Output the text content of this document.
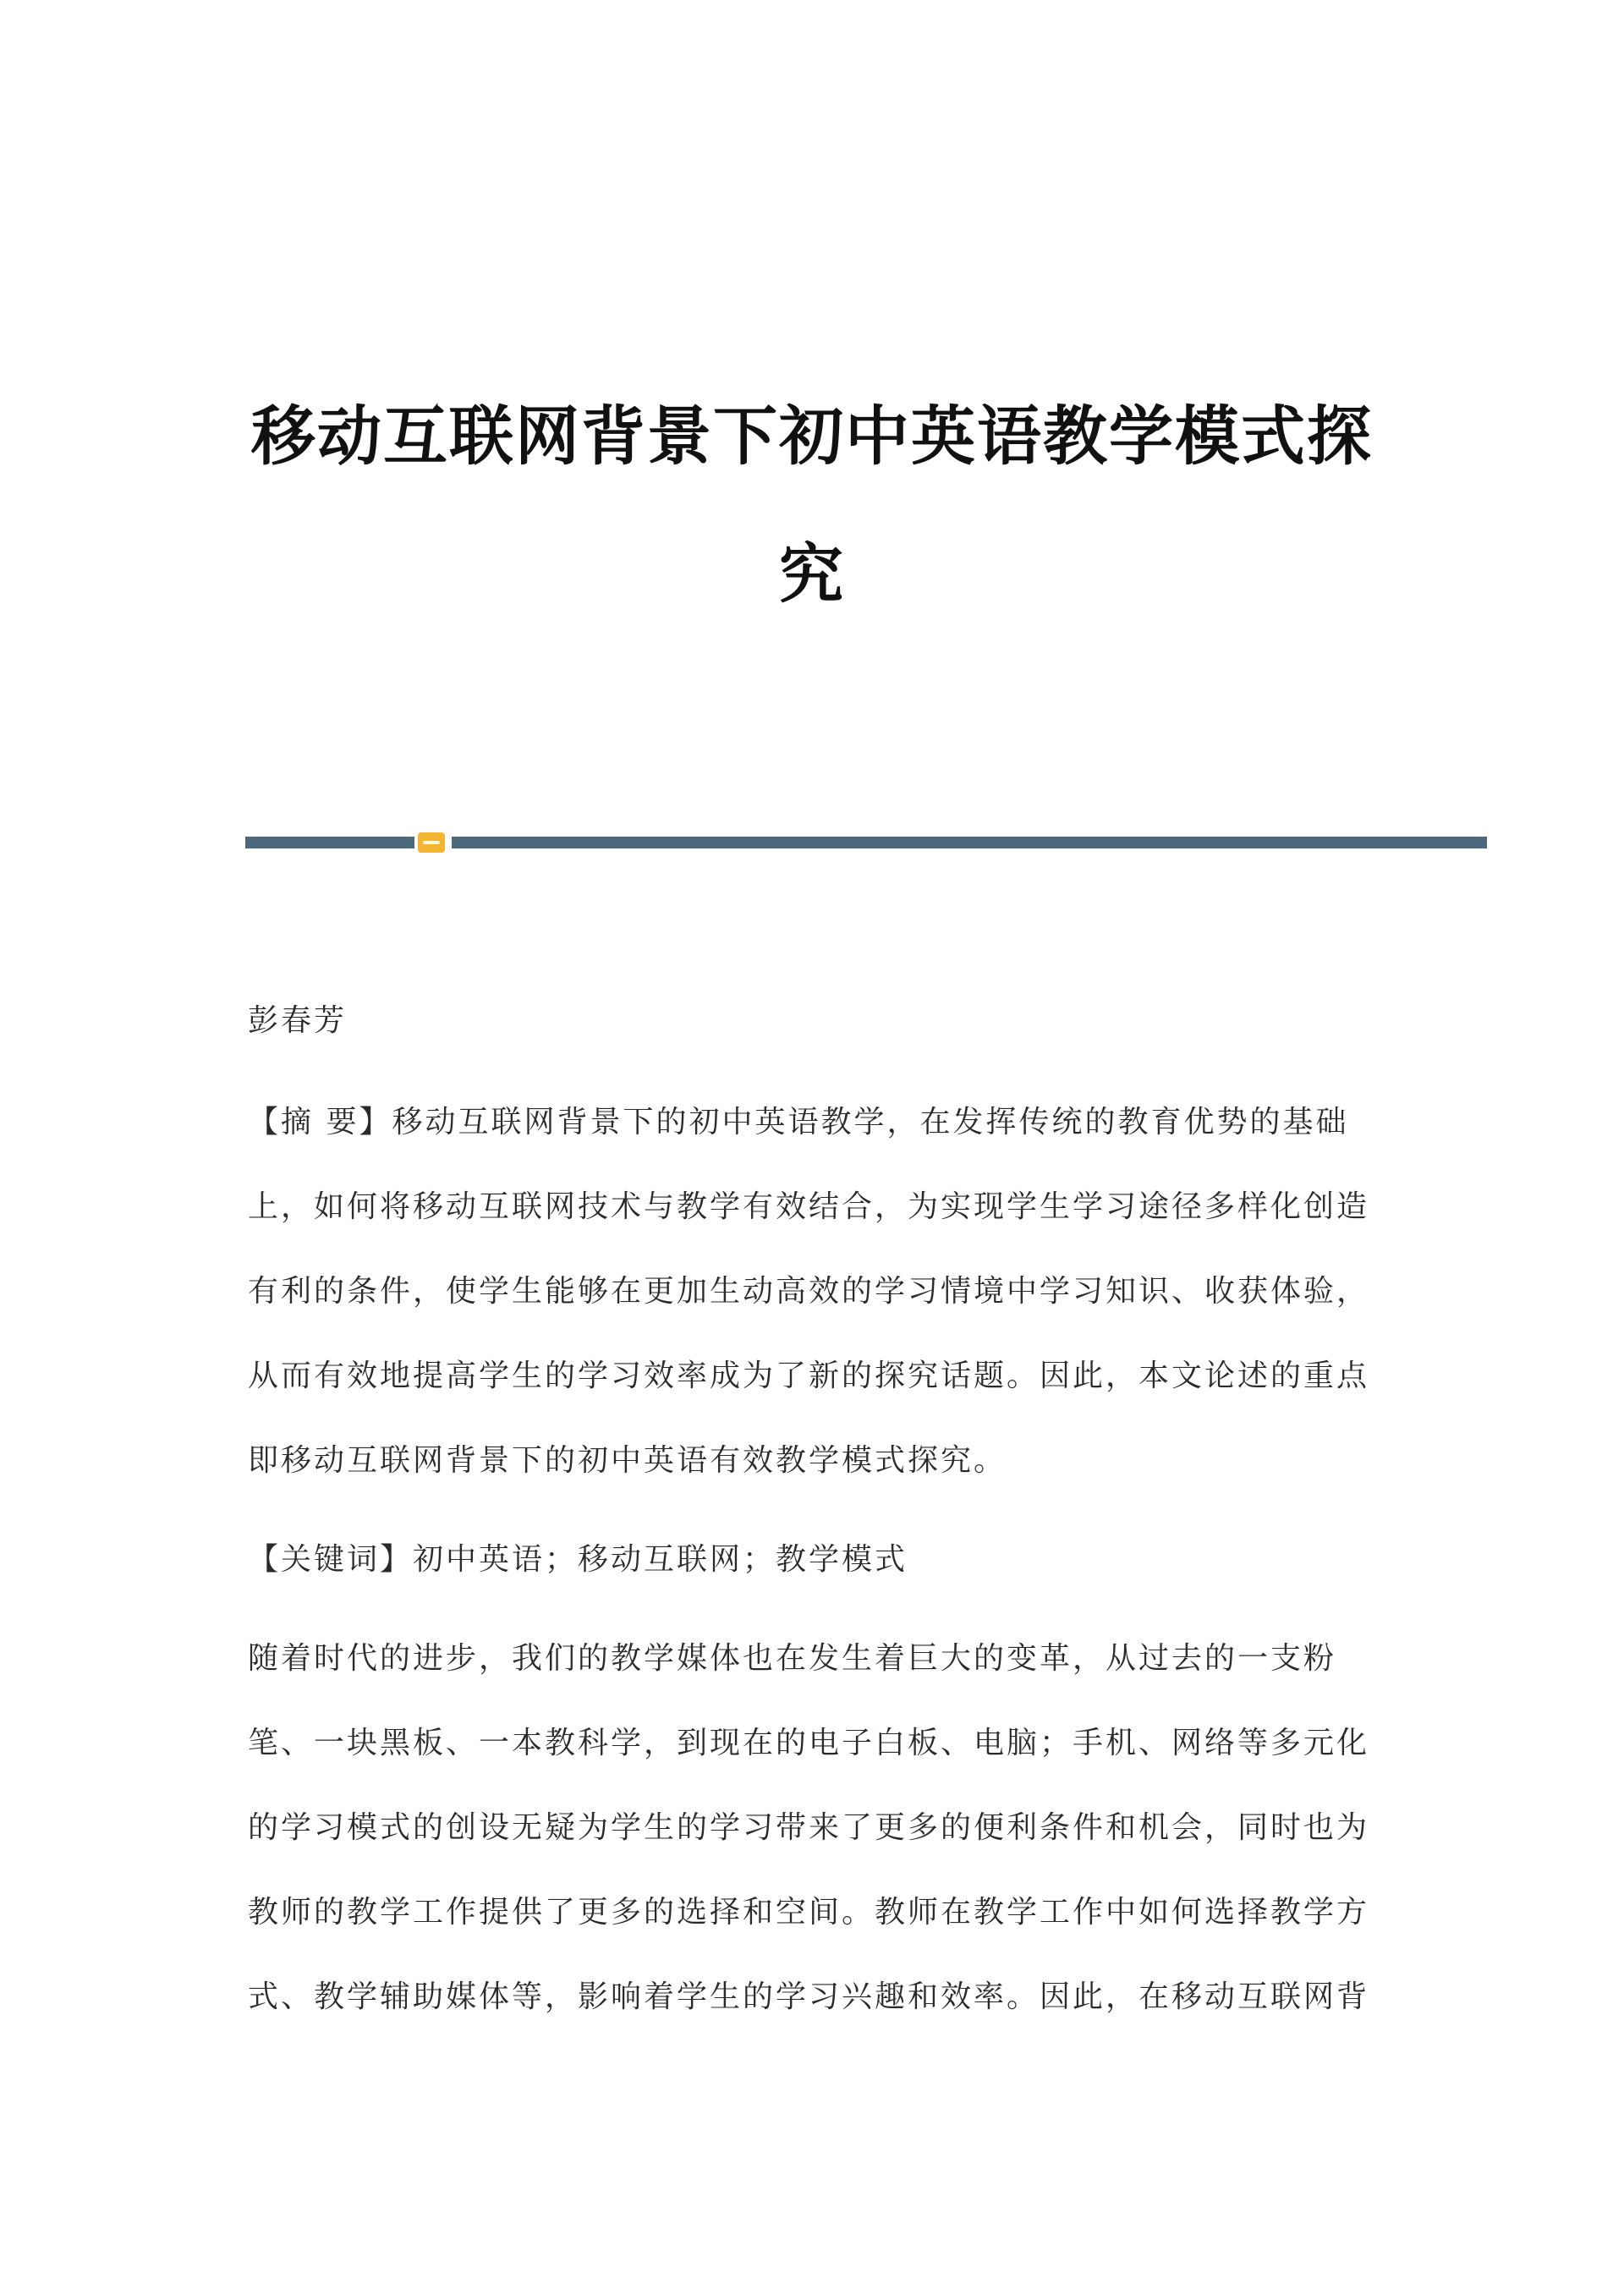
移动互联网背景下初中英语教学模式探
究

彭春芳

【摘 要】移动互联网背景下的初中英语教学，在发挥传统的教育优势的基础

上，如何将移动互联网技术与教学有效结合，为实现学生学习途径多样化创造

有利的条件，使学生能够在更加生动高效的学习情境中学习知识、收获体验，

从而有效地提高学生的学习效率成为了新的探究话题。因此，本文论述的重点

即移动互联网背景下的初中英语有效教学模式探究。

【关键词】初中英语；移动互联网；教学模式

随着时代的进步，我们的教学媒体也在发生着巨大的变革，从过去的一支粉

笔、一块黑板、一本教科学，到现在的电子白板、电脑；手机、网络等多元化

的学习模式的创设无疑为学生的学习带来了更多的便利条件和机会，同时也为

教师的教学工作提供了更多的选择和空间。教师在教学工作中如何选择教学方

式、教学辅助媒体等，影响着学生的学习兴趣和效率。因此，在移动互联网背
